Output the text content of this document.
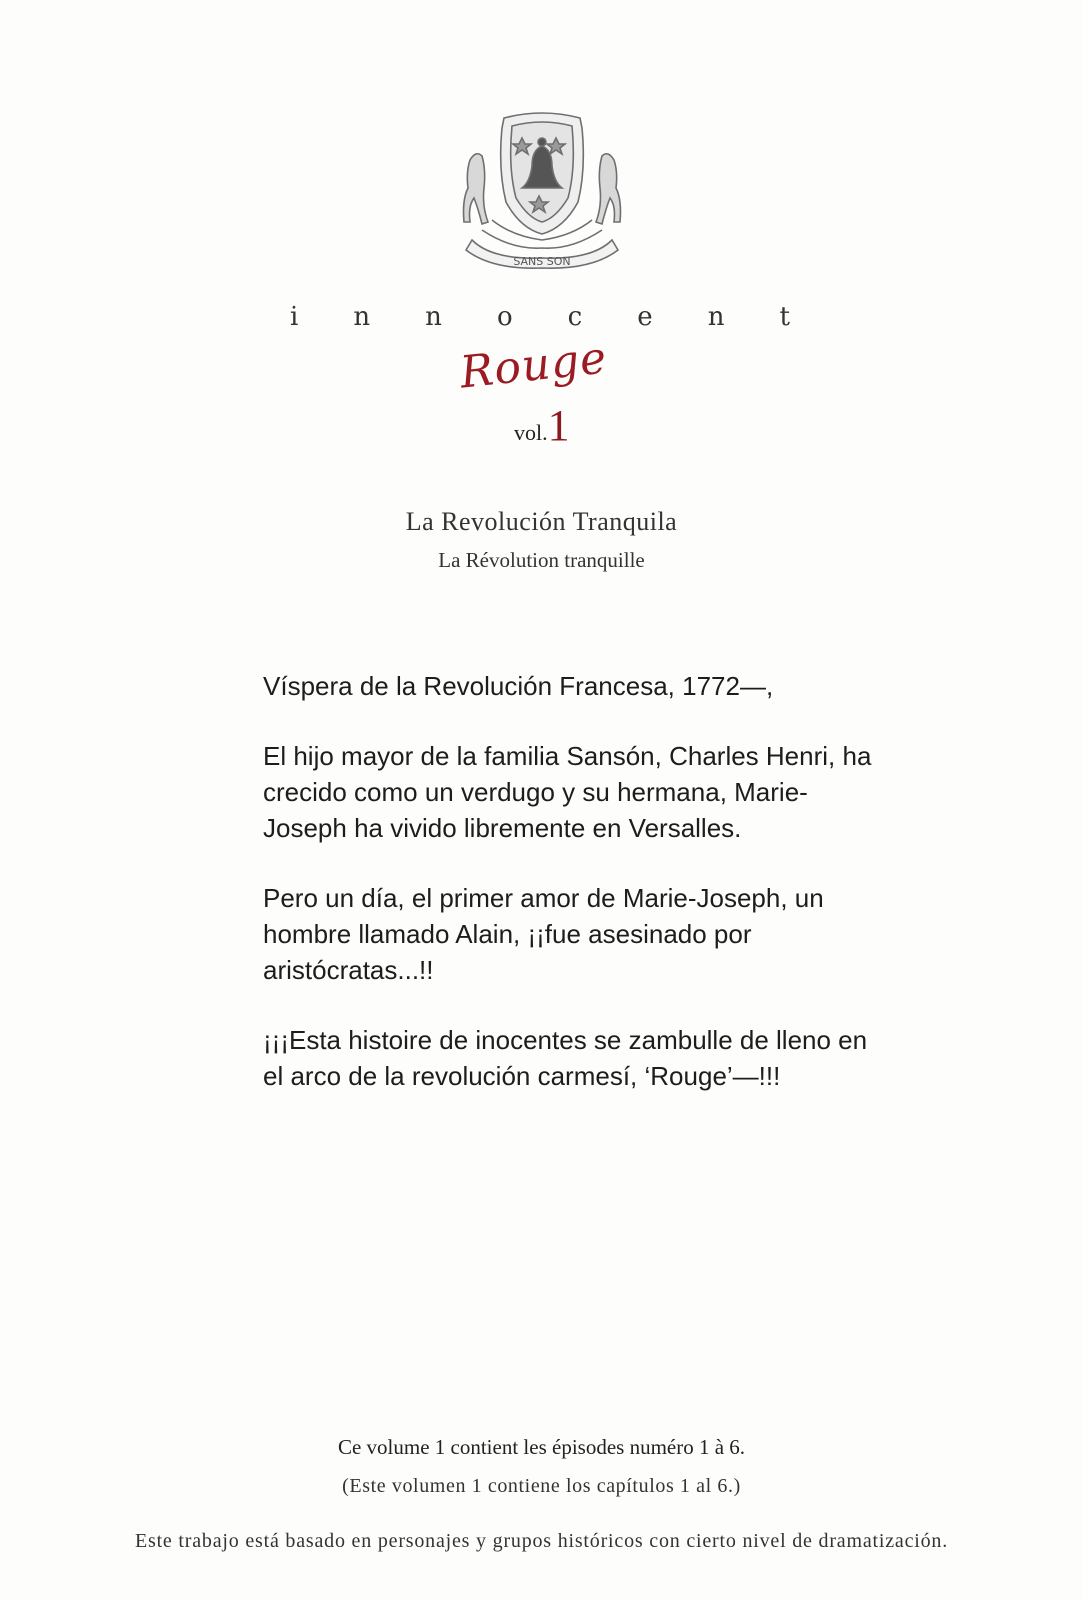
SANS SON
i n n o c e n t
Rouge
vol.1
La Revolución Tranquila
La Révolution tranquille

Víspera de la Revolución Francesa, 1772—,

El hijo mayor de la familia Sansón, Charles Henri, ha crecido como un verdugo y su hermana, Marie-Joseph ha vivido libremente en Versalles.

Pero un día, el primer amor de Marie-Joseph, un hombre llamado Alain, ¡¡fue asesinado por aristócratas...!!

¡¡¡Esta histoire de inocentes se zambulle de lleno en el arco de la revolución carmesí, ‘Rouge’—!!!

Ce volume 1 contient les épisodes numéro 1 à 6.
(Este volumen 1 contiene los capítulos 1 al 6.)
Este trabajo está basado en personajes y grupos históricos con cierto nivel de dramatización.
